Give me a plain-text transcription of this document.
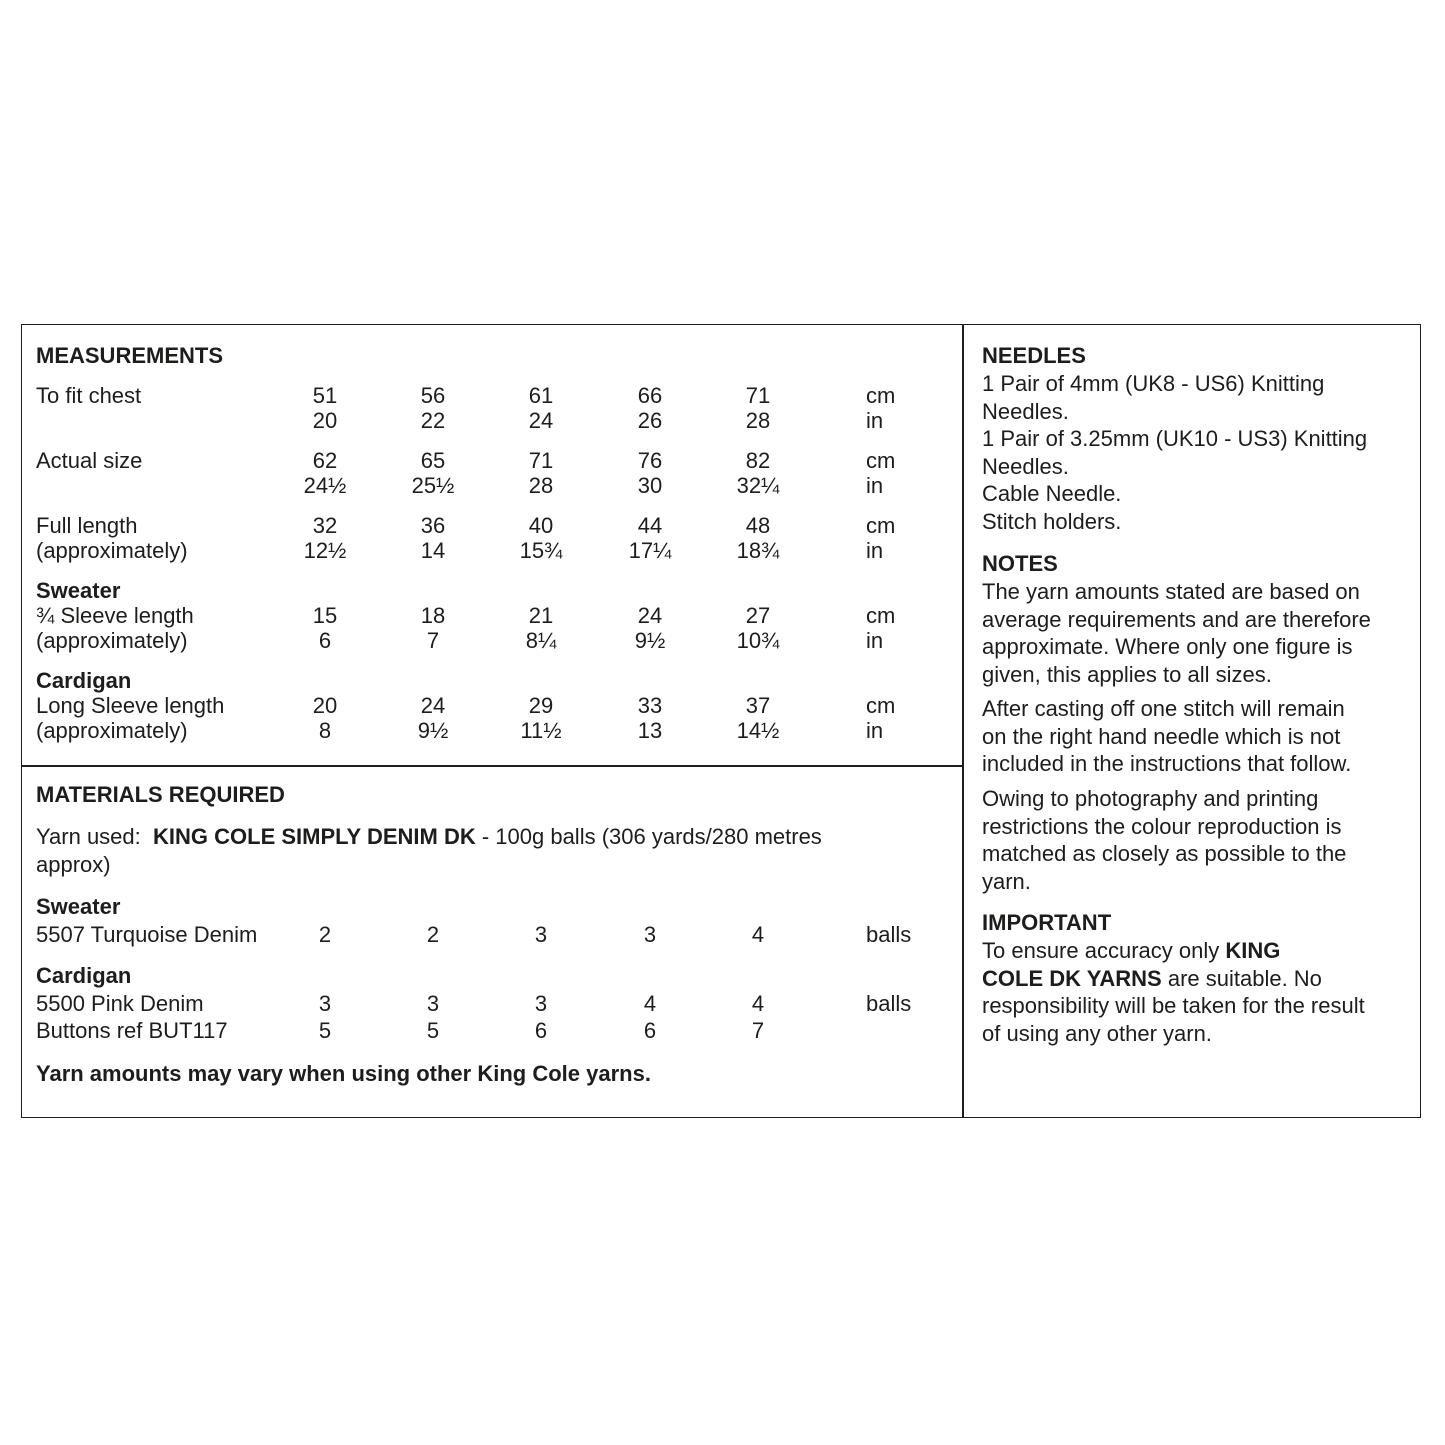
MEASUREMENTS
To fit chest	51	56	61	66	71	cm
20	22	24	26	28	in
Actual size	62	65	71	76	82	cm
24½	25½	28	30	32¼	in
Full length
(approximately)
32	36	40	44	48	cm
12½	14	15¾	17¼	18¾	in
Sweater
¾ Sleeve length
(approximately)
15	18	21	24	27	cm
6	7	8¼	9½	10¾	in
Cardigan
Long Sleeve length
(approximately)
20	24	29	33	37	cm
8	9½	11½	13	14½	in
MATERIALS REQUIRED
Yarn used: KING COLE SIMPLY DENIM DK - 100g balls (306 yards/280 metres
approx)
Sweater
5507 Turquoise Denim	2	2	3	3	4	balls
Cardigan
5500 Pink Denim	3	3	3	4	4	balls
Buttons ref BUT117	5	5	6	6	7
Yarn amounts may vary when using other King Cole yarns.
NEEDLES
1 Pair of 4mm (UK8 - US6) Knitting
Needles.
1 Pair of 3.25mm (UK10 - US3) Knitting
Needles.
Cable Needle.
Stitch holders.
NOTES
The yarn amounts stated are based on
average requirements and are therefore
approximate. Where only one figure is
given, this applies to all sizes.
After casting off one stitch will remain
on the right hand needle which is not
included in the instructions that follow.
Owing to photography and printing
restrictions the colour reproduction is
matched as closely as possible to the
yarn.
IMPORTANT
To ensure accuracy only KING
COLE DK YARNS are suitable. No
responsibility will be taken for the result
of using any other yarn.
